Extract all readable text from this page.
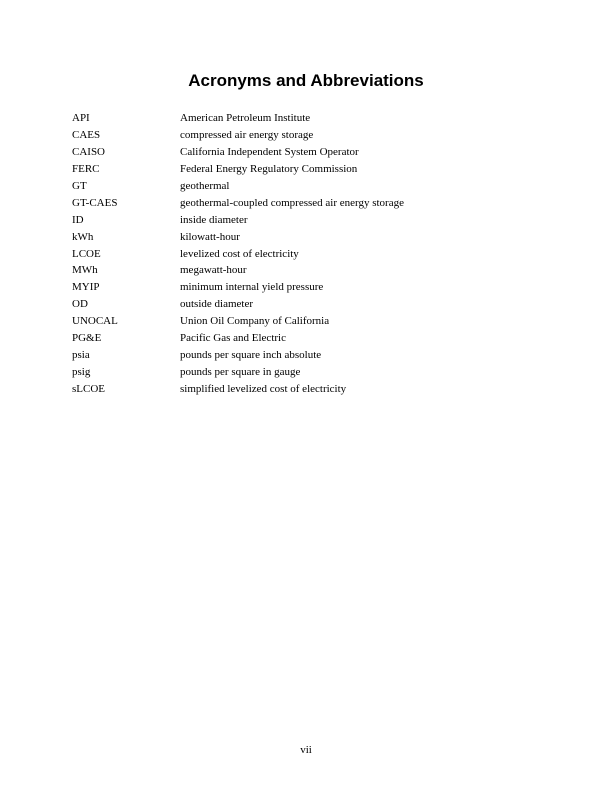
Acronyms and Abbreviations
API	American Petroleum Institute
CAES	compressed air energy storage
CAISO	California Independent System Operator
FERC	Federal Energy Regulatory Commission
GT	geothermal
GT-CAES	geothermal-coupled compressed air energy storage
ID	inside diameter
kWh	kilowatt-hour
LCOE	levelized cost of electricity
MWh	megawatt-hour
MYIP	minimum internal yield pressure
OD	outside diameter
UNOCAL	Union Oil Company of California
PG&E	Pacific Gas and Electric
psia	pounds per square inch absolute
psig	pounds per square in gauge
sLCOE	simplified levelized cost of electricity
vii
